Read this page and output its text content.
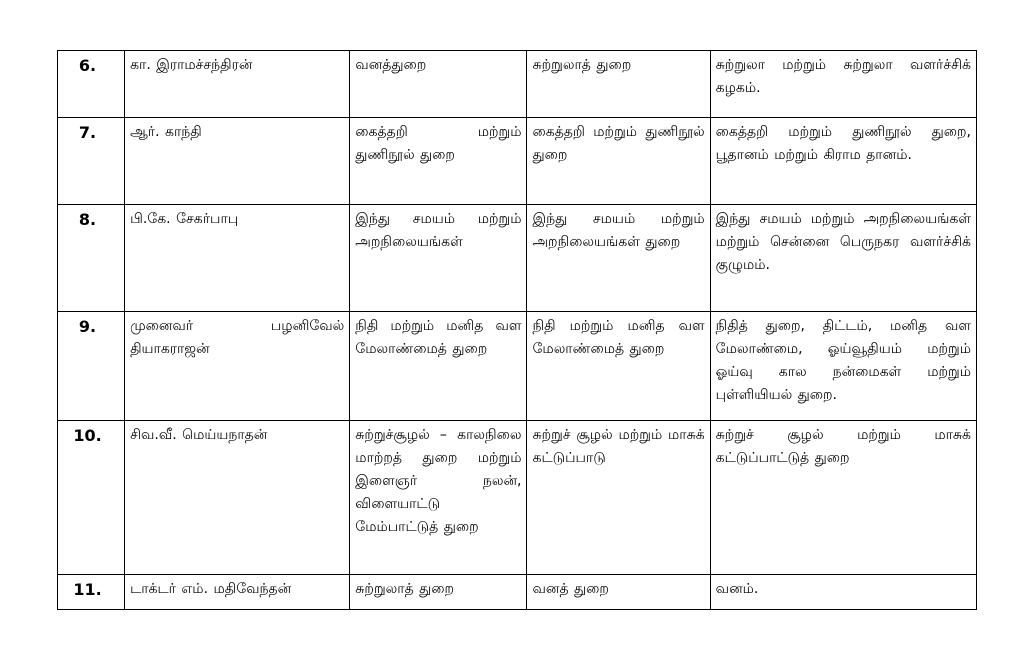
6.	கா. இராமச்சந்திரன்	வனத்துறை	சுற்றுலாத் துறை	சுற்றுலா மற்றும் சுற்றுலா வளர்ச்சிக் கழகம்.
7.	ஆர். காந்தி	கைத்தறி மற்றும் துணிநூல் துறை	கைத்தறி மற்றும் துணிநூல் துறை	கைத்தறி மற்றும் துணிநூல் துறை, பூதானம் மற்றும் கிராம தானம்.
8.	பி.கே. சேகர்பாபு	இந்து சமயம் மற்றும் அறநிலையங்கள்	இந்து சமயம் மற்றும் அறநிலையங்கள் துறை	இந்து சமயம் மற்றும் அறநிலையங்கள் மற்றும் சென்னை பெருநகர வளர்ச்சிக் குழுமம்.
9.	முனைவர் பழனிவேல் தியாகராஜன்	நிதி மற்றும் மனித வள மேலாண்மைத் துறை	நிதி மற்றும் மனித வள மேலாண்மைத் துறை	நிதித் துறை, திட்டம், மனித வள மேலாண்மை, ஓய்வூதியம் மற்றும் ஓய்வு கால நன்மைகள் மற்றும் புள்ளியியல் துறை.
10.	சிவ.வீ. மெய்யநாதன்	சுற்றுச்சூழல் – காலநிலை மாற்றத் துறை மற்றும் இளைஞர் நலன், விளையாட்டு மேம்பாட்டுத் துறை	சுற்றுச் சூழல் மற்றும் மாசுக் கட்டுப்பாடு	சுற்றுச் சூழல் மற்றும் மாசுக் கட்டுப்பாட்டுத் துறை
11.	டாக்டர் எம். மதிவேந்தன்	சுற்றுலாத் துறை	வனத் துறை	வனம்.
